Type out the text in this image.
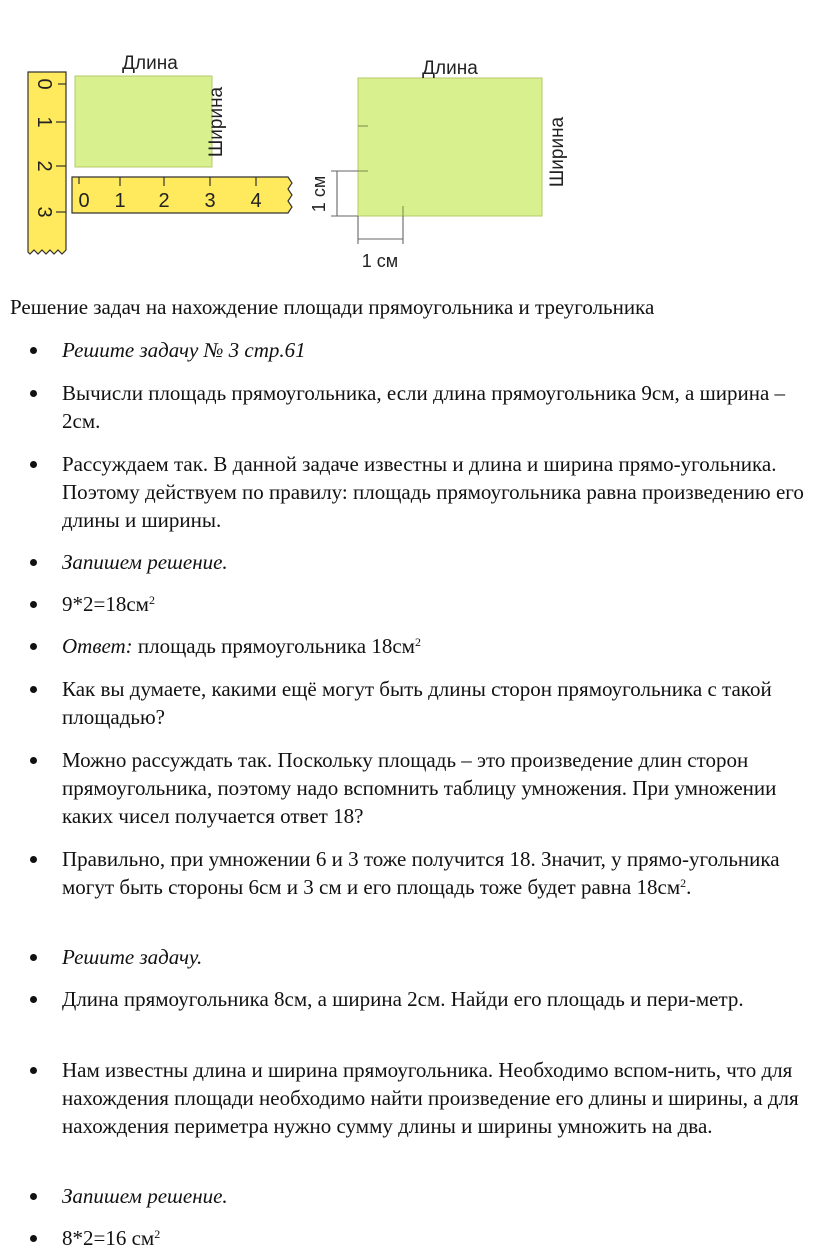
0
1
2
3
Длина
Ширина
0 1 2 3 4
Длина
Ширина
1 см
1 см
Решение задач на нахождение площади прямоугольника и треугольника
Решите задачу № 3 стр.61
Вычисли площадь прямоугольника, если длина прямоугольника 9см, а ширина – 2см.
Рассуждаем так. В данной задаче известны и длина и ширина прямо-угольника. Поэтому действуем по правилу: площадь прямоугольника равна произведению его длины и ширины.
Запишем решение.
$9*2=18см^2$
Ответ: площадь прямоугольника $18см^2$
Как вы думаете, какими ещё могут быть длины сторон прямоугольника с такой площадью?
Можно рассуждать так. Поскольку площадь – это произведение длин сторон прямоугольника, поэтому надо вспомнить таблицу умножения. При умножении каких чисел получается ответ 18?
Правильно, при умножении 6 и 3 тоже получится 18. Значит, у прямо-угольника могут быть стороны 6см и 3 см и его площадь тоже будет равна $18см^2$.
Решите задачу.
Длина прямоугольника 8см, а ширина 2см. Найди его площадь и пери-метр.
Нам известны длина и ширина прямоугольника. Необходимо вспом-нить, что для нахождения площади необходимо найти произведение его длины и ширины, а для нахождения периметра нужно сумму длины и ширины умножить на два.
Запишем решение.
8*2=16 $см^2$
